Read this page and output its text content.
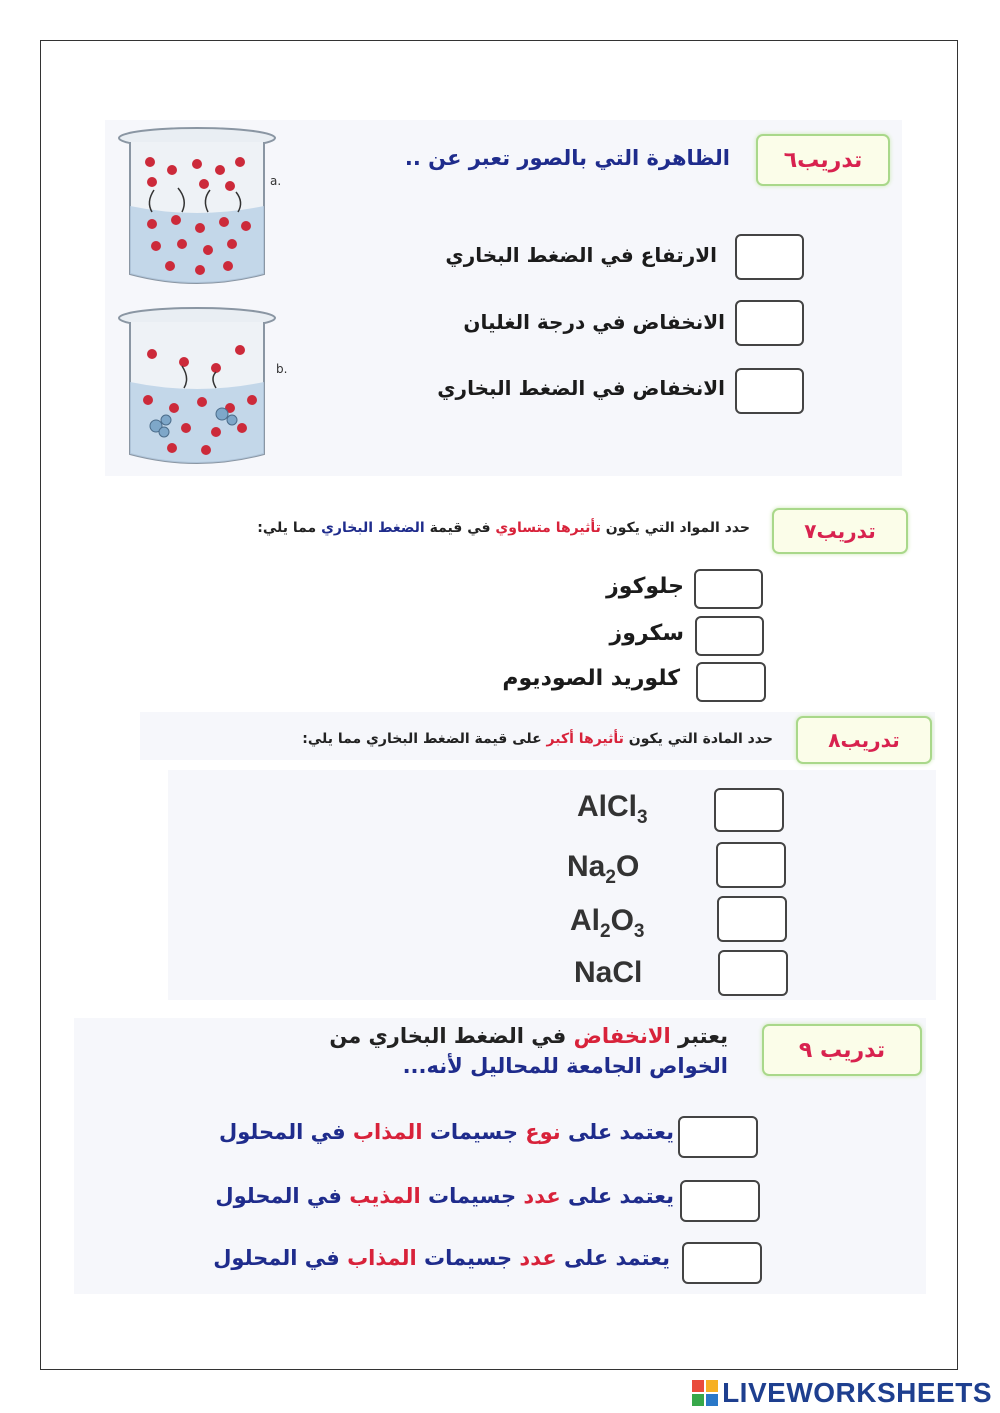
a.
b.
تدريب٦
الظاهرة التي بالصور تعبر عن ..
الارتفاع في الضغط البخاري
الانخفاض في درجة الغليان
الانخفاض في الضغط البخاري
تدريب٧
حدد المواد التي يكون تأثيرها متساوي في قيمة الضغط البخاري مما يلي:
جلوكوز
سكروز
كلوريد الصوديوم
تدريب٨
حدد المادة التي يكون تأثيرها أكبر على قيمة الضغط البخاري مما يلي:
AlCl$_3$
$Na_2O$
$Al_2O_3$
NaCl
تدريب ٩
يعتبر الانخفاض في الضغط البخاري من
الخواص الجامعة للمحاليل لأنه...
يعتمد على نوع جسيمات المذاب في المحلول
يعتمد على عدد جسيمات المذيب في المحلول
يعتمد على عدد جسيمات المذاب في المحلول
LIVEWORKSHEETS
